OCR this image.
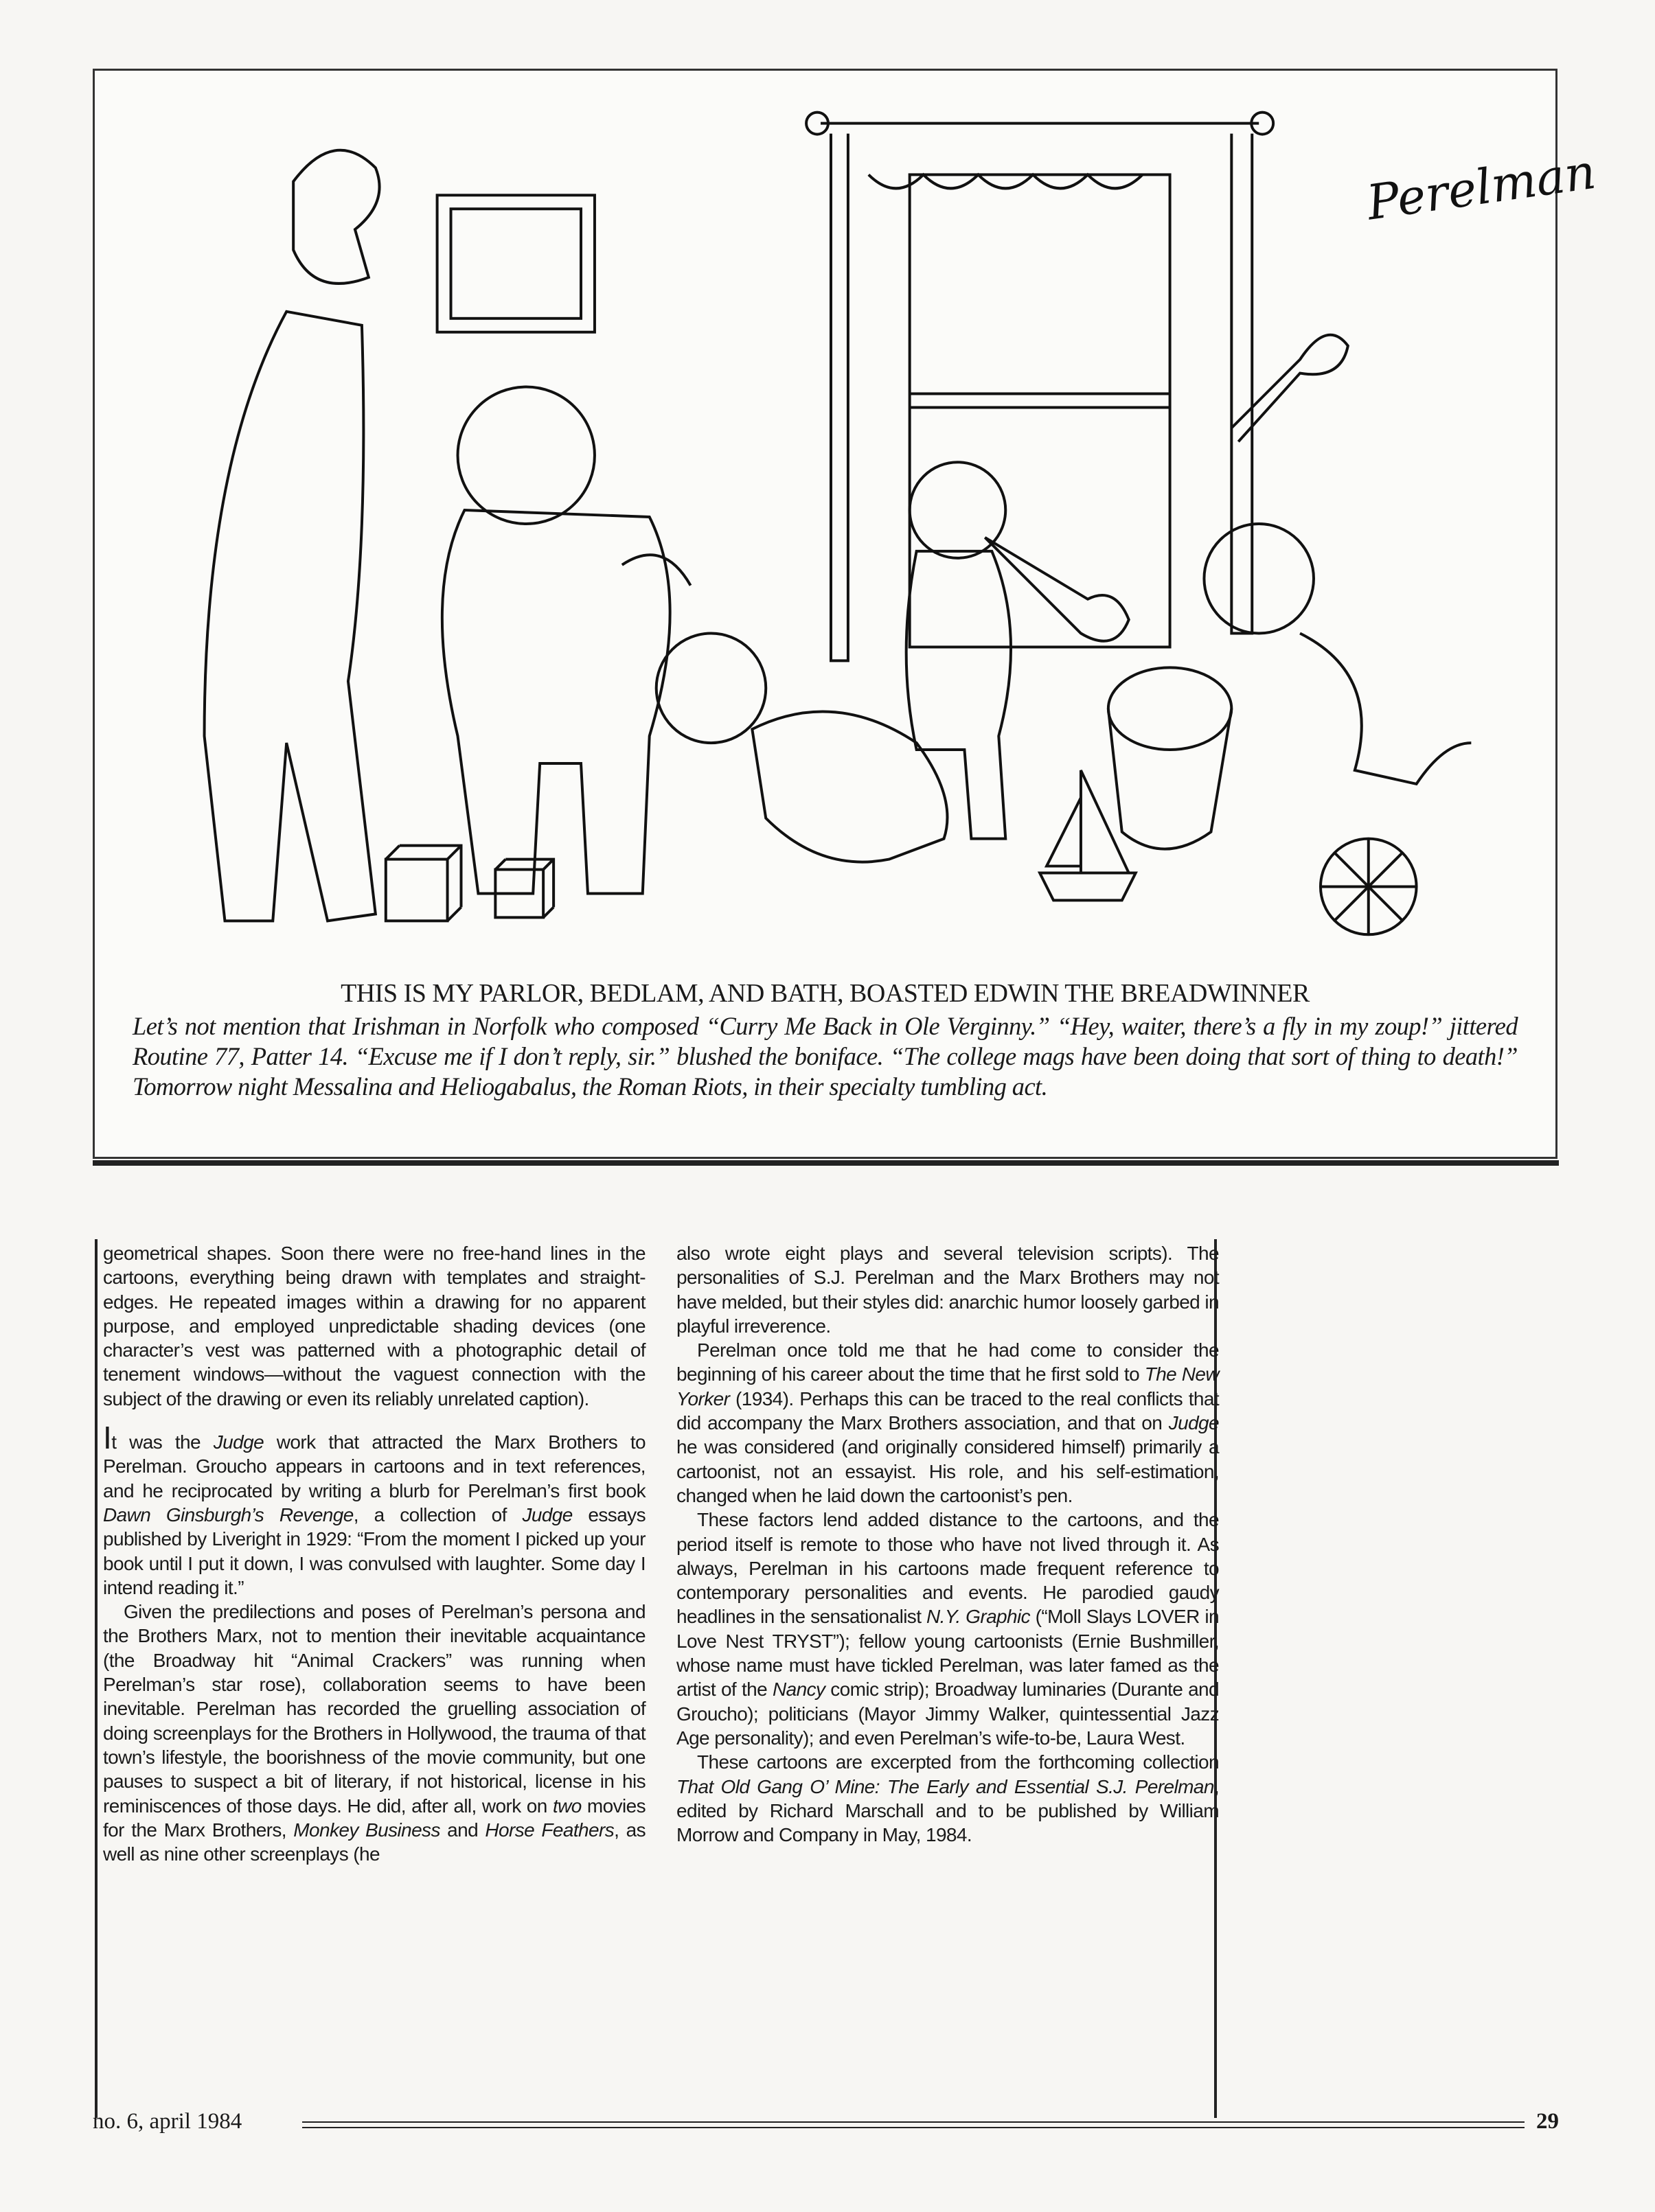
Perelman
THIS IS MY PARLOR, BEDLAM, AND BATH, BOASTED EDWIN THE BREADWINNER
Let’s not mention that Irishman in Norfolk who composed “Curry Me Back in Ole Verginny.” “Hey, waiter, there’s a fly in my zoup!” jittered Routine 77, Patter 14. “Excuse me if I don’t reply, sir.” blushed the boniface. “The college mags have been doing that sort of thing to death!” Tomorrow night Messalina and Heliogabalus, the Roman Riots, in their specialty tumbling act.

geometrical shapes. Soon there were no free-hand lines in the cartoons, everything being drawn with templates and straight-edges. He repeated images within a drawing for no apparent purpose, and employed unpredictable shading devices (one character’s vest was patterned with a photographic detail of tenement windows—without the vaguest connection with the subject of the drawing or even its reliably unrelated caption).

It was the Judge work that attracted the Marx Brothers to Perelman. Groucho appears in cartoons and in text references, and he reciprocated by writing a blurb for Perelman’s first book Dawn Ginsburgh’s Revenge, a collection of Judge essays published by Liveright in 1929: “From the moment I picked up your book until I put it down, I was convulsed with laughter. Some day I intend reading it.”

Given the predilections and poses of Perelman’s persona and the Brothers Marx, not to mention their inevitable acquaintance (the Broadway hit “Animal Crackers” was running when Perelman’s star rose), collaboration seems to have been inevitable. Perelman has recorded the gruelling association of doing screenplays for the Brothers in Hollywood, the trauma of that town’s lifestyle, the boorishness of the movie community, but one pauses to suspect a bit of literary, if not historical, license in his reminiscences of those days. He did, after all, work on two movies for the Marx Brothers, Monkey Business and Horse Feathers, as well as nine other screenplays (he

also wrote eight plays and several television scripts). The personalities of S.J. Perelman and the Marx Brothers may not have melded, but their styles did: anarchic humor loosely garbed in playful irreverence.

Perelman once told me that he had come to consider the beginning of his career about the time that he first sold to The New Yorker (1934). Perhaps this can be traced to the real conflicts that did accompany the Marx Brothers association, and that on Judge he was considered (and originally considered himself) primarily a cartoonist, not an essayist. His role, and his self-estimation, changed when he laid down the cartoonist’s pen.

These factors lend added distance to the cartoons, and the period itself is remote to those who have not lived through it. As always, Perelman in his cartoons made frequent reference to contemporary personalities and events. He parodied gaudy headlines in the sensationalist N.Y. Graphic (“Moll Slays LOVER in Love Nest TRYST”); fellow young cartoonists (Ernie Bushmiller, whose name must have tickled Perelman, was later famed as the artist of the Nancy comic strip); Broadway luminaries (Durante and Groucho); politicians (Mayor Jimmy Walker, quintessential Jazz Age personality); and even Perelman’s wife-to-be, Laura West.

These cartoons are excerpted from the forthcoming collection That Old Gang O’ Mine: The Early and Essential S.J. Perelman, edited by Richard Marschall and to be published by William Morrow and Company in May, 1984.

no. 6, april 1984	29
